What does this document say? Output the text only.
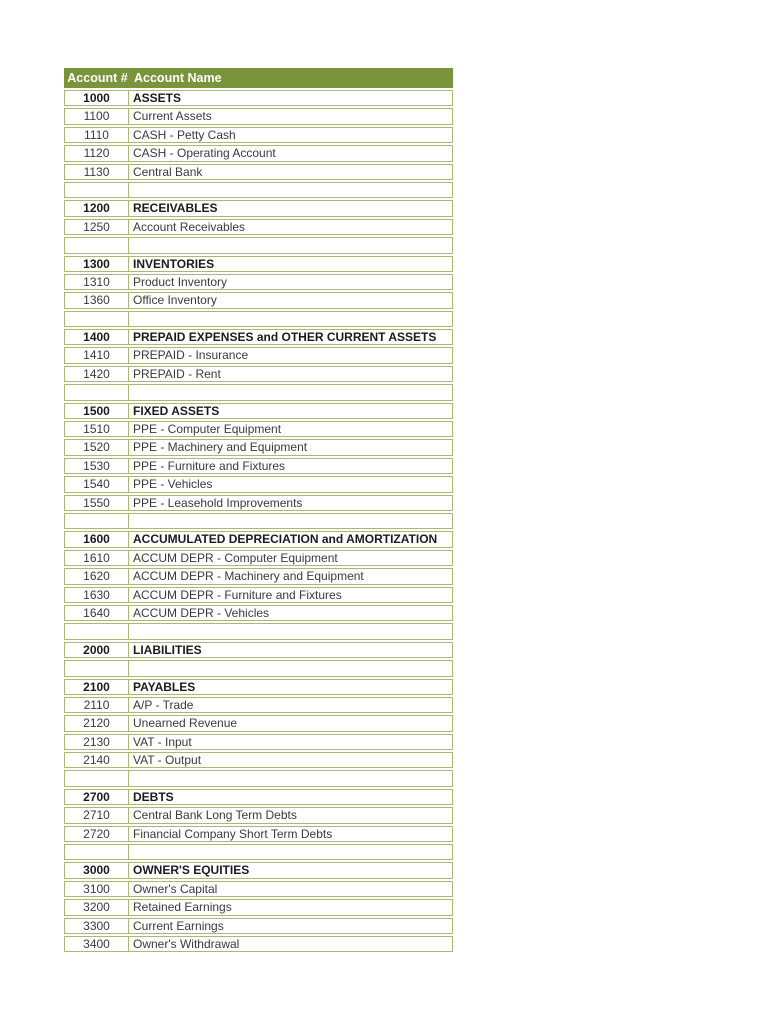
Account # Account Name
1000	ASSETS
1100	Current Assets
1110	CASH - Petty Cash
1120	CASH - Operating Account
1130	Central Bank
1200	RECEIVABLES
1250	Account Receivables
1300	INVENTORIES
1310	Product Inventory
1360	Office Inventory
1400	PREPAID EXPENSES and OTHER CURRENT ASSETS
1410	PREPAID - Insurance
1420	PREPAID - Rent
1500	FIXED ASSETS
1510	PPE - Computer Equipment
1520	PPE - Machinery and Equipment
1530	PPE - Furniture and Fixtures
1540	PPE - Vehicles
1550	PPE - Leasehold Improvements
1600	ACCUMULATED DEPRECIATION and AMORTIZATION
1610	ACCUM DEPR - Computer Equipment
1620	ACCUM DEPR - Machinery and Equipment
1630	ACCUM DEPR - Furniture and Fixtures
1640	ACCUM DEPR - Vehicles
2000	LIABILITIES
2100	PAYABLES
2110	A/P - Trade
2120	Unearned Revenue
2130	VAT - Input
2140	VAT - Output
2700	DEBTS
2710	Central Bank Long Term Debts
2720	Financial Company Short Term Debts
3000	OWNER'S EQUITIES
3100	Owner's Capital
3200	Retained Earnings
3300	Current Earnings
3400	Owner's Withdrawal
